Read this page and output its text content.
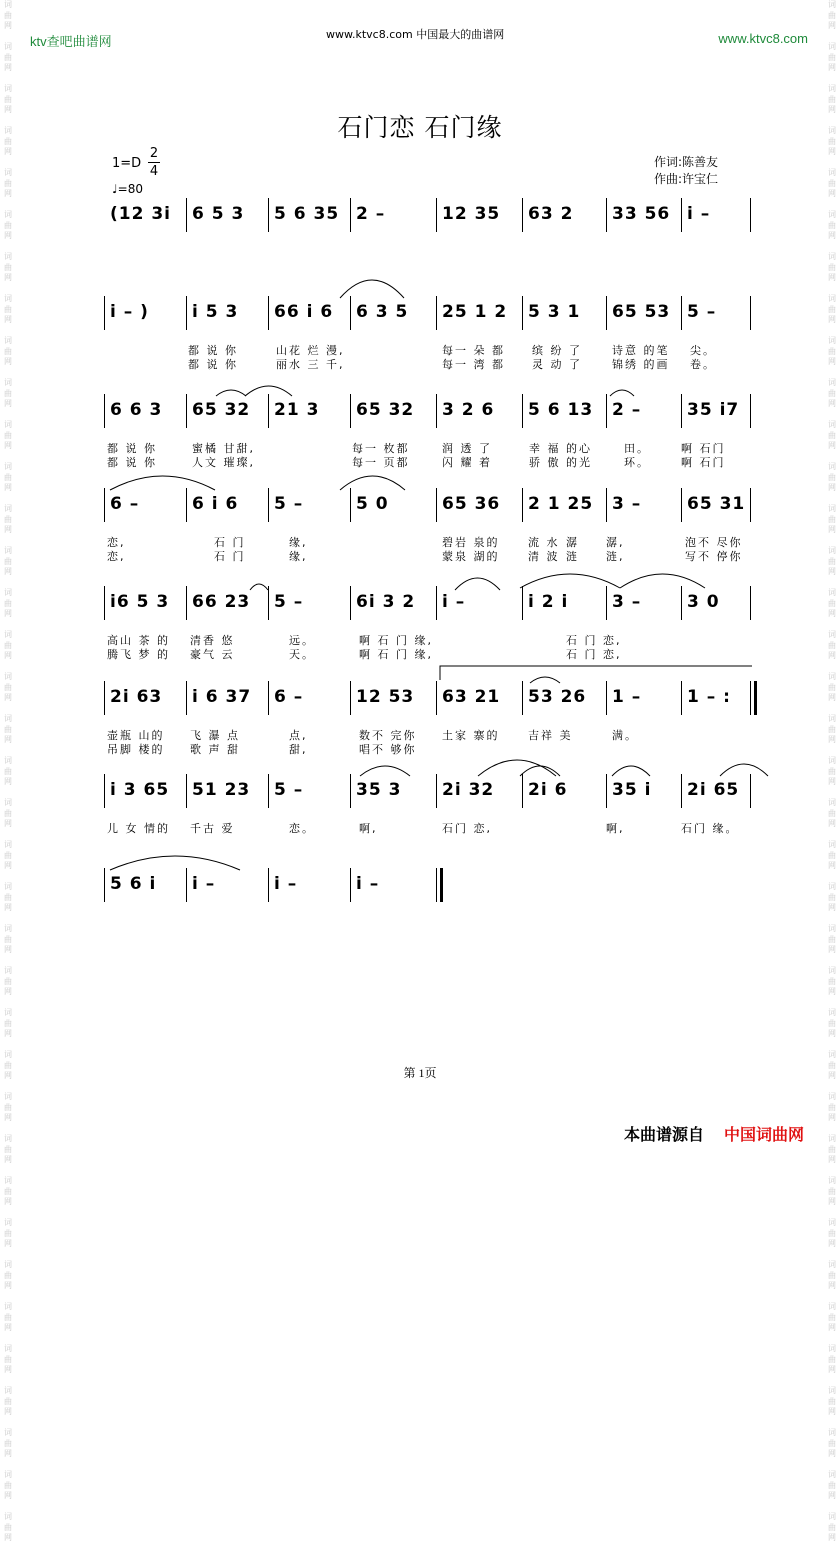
词
曲
网

词
曲
网

词
曲
网

词
曲
网

词
曲
网

词
曲
网

词
曲
网

词
曲
网

词
曲
网

词
曲
网

词
曲
网

词
曲
网

词
曲
网

词
曲
网

词
曲
网

词
曲
网

词
曲
网

词
曲
网

词
曲
网

词
曲
网

词
曲
网

词
曲
网

词
曲
网

词
曲
网

词
曲
网

词
曲
网

词
曲
网

词
曲
网

词
曲
网

词
曲
网

词
曲
网

词
曲
网

词
曲
网

词
曲
网

词
曲
网

词
曲
网

词
曲
网

词
曲
网

词
曲
网

词
曲
网

词
曲
网

词
曲
网

词
曲
网

词
曲
网

词
曲
网

词
曲
网

词
曲
网

词
曲
网

词
曲
网

词
曲
网

词
曲
网

词
曲
网

词
曲
网

词
曲
网

词
曲
网

词
曲
网

词
曲
网

词
曲
网

词
曲
网

词
曲
网

词
曲
网

词
曲
网

词
曲
网

词
曲
网

词
曲
网

词
曲
网

词
曲
网

词
曲
网

词
曲
网

词
曲
网

词
曲
网

词
曲
网

词
曲
网

词
曲
网

ktv查吧曲谱网	www.ktvc8.com 中国最大的曲谱网	www.ktvc8.com
石门恋 石门缘
1=D
2
4
♩=80
作词:陈善友
作曲:许宝仁
(12 3i	6 5 3	5 6 35 2 –	12 35	63 2	33 56 i –
i – )	i 5 3	66 i 6	6 3 5	25 1 2	5 3 1	65 53 5 –
都 说 你	山花 烂 漫,	每一 朵 都 缤 纷 了	诗意 的笔 尖。
都 说 你	丽水 三 千,	每一 湾 都 灵 动 了	锦绣 的画 卷。
6 6 3	65 32	21 3	65 32	3 2 6	5 6 13	2 –	35 i7
都 说 你	蜜橘 甘甜,	每一 枚都	润 透 了	幸 福 的心	田。	啊 石门
都 说 你	人文 璀璨,	每一 页都	闪 耀 着	骄 傲 的光	环。	啊 石门
6 –	6 i 6	5 –	5 0	65 36	2 1 25	3 –	65 31
恋,	石 门	缘,	碧岩 泉的	流 水 潺 潺,	泡不 尽你
恋,	石 门	缘,	蒙泉 湖的	清 波 涟 涟,	写不 停你
i6 5 3	66 23	5 –	6i 3 2	i –	i 2 i	3 –	3 0
高山 茶 的 清香 悠	远。	啊 石 门 缘,	石 门 恋,
腾飞 梦 的 豪气 云	天。	啊 石 门 缘,	石 门 恋,
2i 63	i 6 37	6 –	12 53	63 21	53 26	1 –	1 – :
壶瓶 山的 飞 瀑 点	点,	数不 完你 土家 寨的	吉祥 美	满。
吊脚 楼的 歌 声 甜	甜,	唱不 够你
i 3 65	51 23	5 –	35 3	2i 32	2i 6	35 i	2i 65
儿 女 情的 千古 爱	恋。	啊,	石门 恋,	啊,	石门 缘。
5 6 i	i –	i –	i –
第 1页
本曲谱源自 中国词曲网
